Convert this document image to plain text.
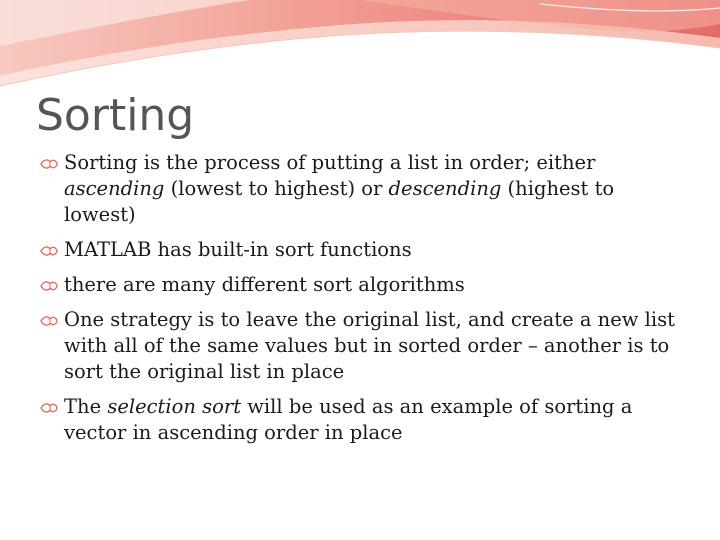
Sorting
Sorting is the process of putting a list in order; either ascending (lowest to highest) or descending (highest to lowest)
MATLAB has built-in sort functions
there are many different sort algorithms
One strategy is to leave the original list, and create a new list with all of the same values but in sorted order – another is to sort the original list in place
The selection sort will be used as an example of sorting a vector in ascending order in place
